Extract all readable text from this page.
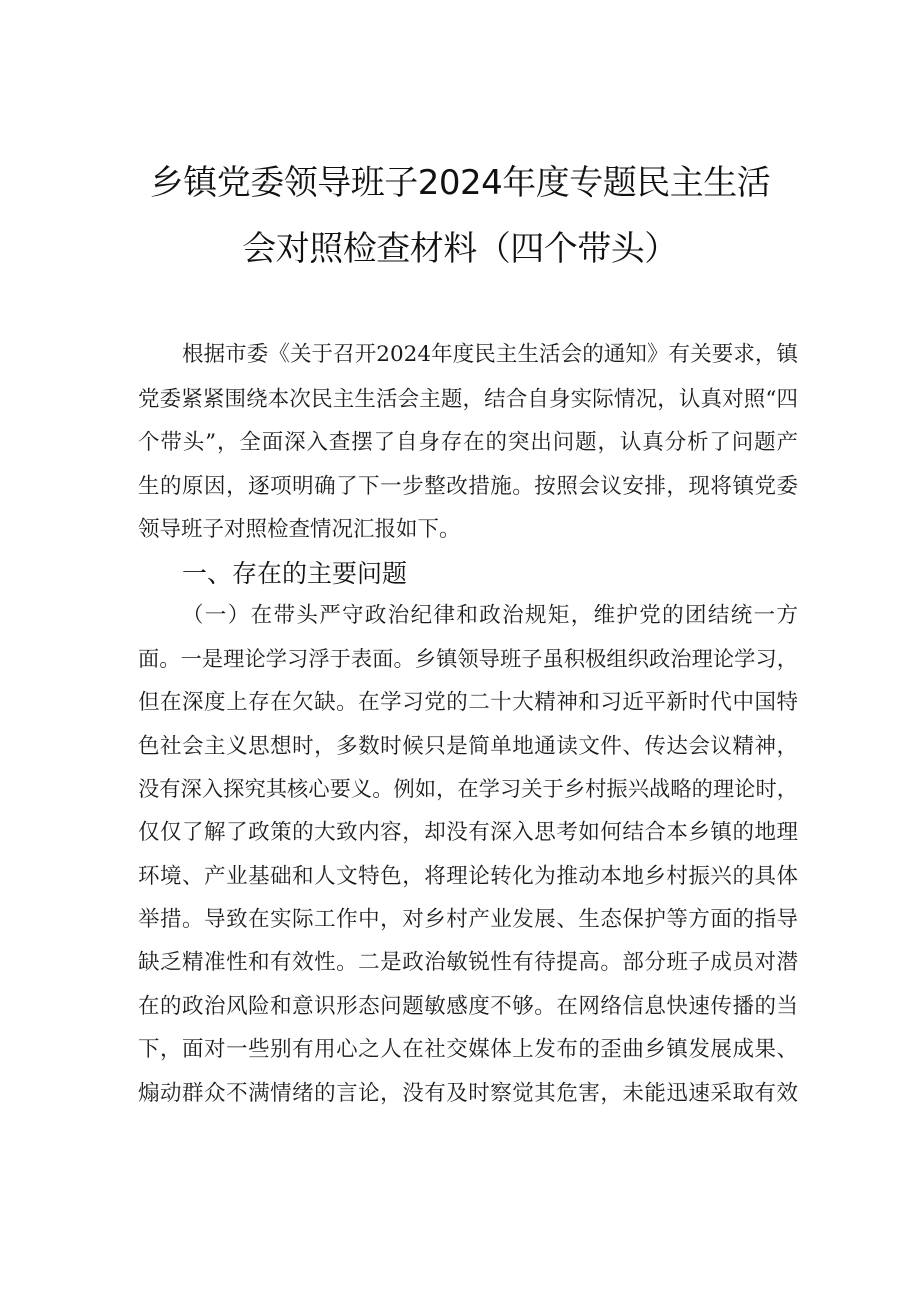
乡镇党委领导班子2024年度专题民主生活
会对照检查材料（四个带头）
根据市委《关于召开2024年度民主生活会的通知》有关要求，镇
党委紧紧围绕本次民主生活会主题，结合自身实际情况，认真对照“四
个带头”，全面深入查摆了自身存在的突出问题，认真分析了问题产
生的原因，逐项明确了下一步整改措施。按照会议安排，现将镇党委
领导班子对照检查情况汇报如下。
一、存在的主要问题
（一）在带头严守政治纪律和政治规矩，维护党的团结统一方
面。一是理论学习浮于表面。乡镇领导班子虽积极组织政治理论学习，
但在深度上存在欠缺。在学习党的二十大精神和习近平新时代中国特
色社会主义思想时，多数时候只是简单地通读文件、传达会议精神，
没有深入探究其核心要义。例如，在学习关于乡村振兴战略的理论时，
仅仅了解了政策的大致内容，却没有深入思考如何结合本乡镇的地理
环境、产业基础和人文特色，将理论转化为推动本地乡村振兴的具体
举措。导致在实际工作中，对乡村产业发展、生态保护等方面的指导
缺乏精准性和有效性。二是政治敏锐性有待提高。部分班子成员对潜
在的政治风险和意识形态问题敏感度不够。在网络信息快速传播的当
下，面对一些别有用心之人在社交媒体上发布的歪曲乡镇发展成果、
煽动群众不满情绪的言论，没有及时察觉其危害，未能迅速采取有效
